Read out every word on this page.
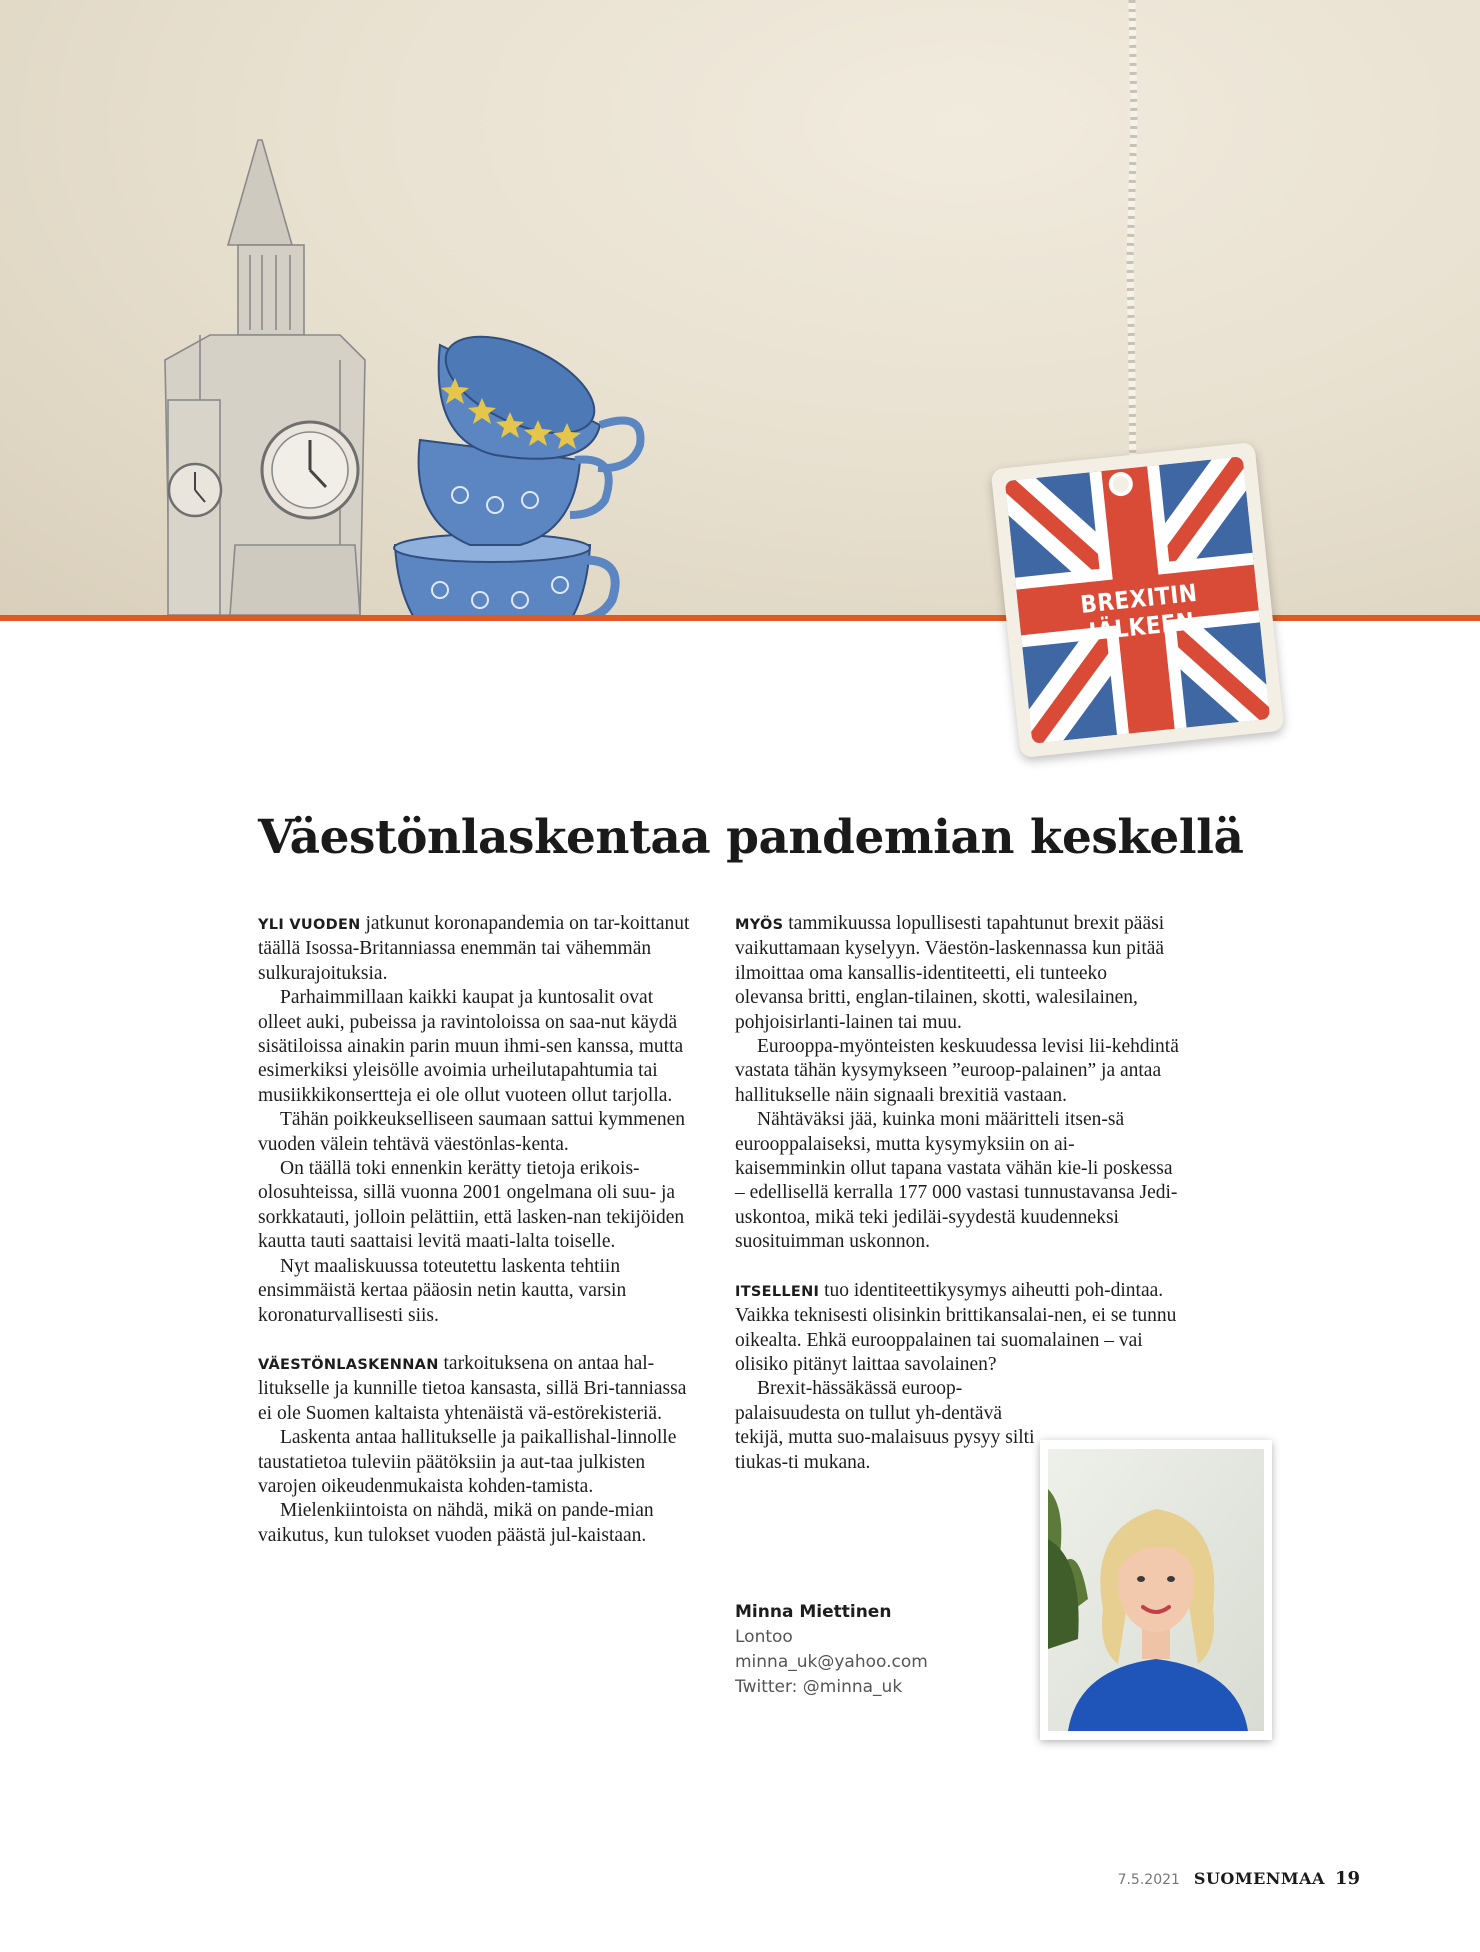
BREXITIN JÄLKEEN
Väestönlaskentaa pandemian keskellä

YLI VUODEN jatkunut koronapandemia on tar-koittanut täällä Isossa-Britanniassa enemmän tai vähemmän sulkurajoituksia.

Parhaimmillaan kaikki kaupat ja kuntosalit ovat olleet auki, pubeissa ja ravintoloissa on saa-nut käydä sisätiloissa ainakin parin muun ihmi-sen kanssa, mutta esimerkiksi yleisölle avoimia urheilutapahtumia tai musiikkikonsertteja ei ole ollut vuoteen ollut tarjolla.

Tähän poikkeukselliseen saumaan sattui kymmenen vuoden välein tehtävä väestönlas-kenta.

On täällä toki ennenkin kerätty tietoja erikois-olosuhteissa, sillä vuonna 2001 ongelmana oli suu- ja sorkkatauti, jolloin pelättiin, että lasken-nan tekijöiden kautta tauti saattaisi levitä maati-lalta toiselle.

Nyt maaliskuussa toteutettu laskenta tehtiin ensimmäistä kertaa pääosin netin kautta, varsin koronaturvallisesti siis.

VÄESTÖNLASKENNAN tarkoituksena on antaa hal-litukselle ja kunnille tietoa kansasta, sillä Bri-tanniassa ei ole Suomen kaltaista yhtenäistä vä-estörekisteriä.

Laskenta antaa hallitukselle ja paikallishal-linnolle taustatietoa tuleviin päätöksiin ja aut-taa julkisten varojen oikeudenmukaista kohden-tamista.

Mielenkiintoista on nähdä, mikä on pande-mian vaikutus, kun tulokset vuoden päästä jul-kaistaan.

MYÖS tammikuussa lopullisesti tapahtunut brexit pääsi vaikuttamaan kyselyyn. Väestön-laskennassa kun pitää ilmoittaa oma kansallis-identiteetti, eli tunteeko olevansa britti, englan-tilainen, skotti, walesilainen, pohjoisirlanti-lainen tai muu.

Eurooppa-myönteisten keskuudessa levisi lii-kehdintä vastata tähän kysymykseen ”euroop-palainen” ja antaa hallitukselle näin signaali brexitiä vastaan.

Nähtäväksi jää, kuinka moni määritteli itsen-sä eurooppalaiseksi, mutta kysymyksiin on ai-kaisemminkin ollut tapana vastata vähän kie-li poskessa – edellisellä kerralla 177 000 vastasi tunnustavansa Jedi-uskontoa, mikä teki jediläi-syydestä kuudenneksi suosituimman uskonnon.

ITSELLENI tuo identiteettikysymys aiheutti poh-dintaa. Vaikka teknisesti olisinkin brittikansalai-nen, ei se tunnu oikealta. Ehkä eurooppalainen tai suomalainen – vai olisiko pitänyt laittaa savolainen?

Brexit-hässäkässä euroop-palaisuudesta on tullut yh-dentävä tekijä, mutta suo-malaisuus pysyy silti tiukas-ti mukana.

Minna Miettinen
Lontoo
minna_uk@yahoo.com
Twitter: @minna_uk
7.5.2021 SUOMENMAA 19
